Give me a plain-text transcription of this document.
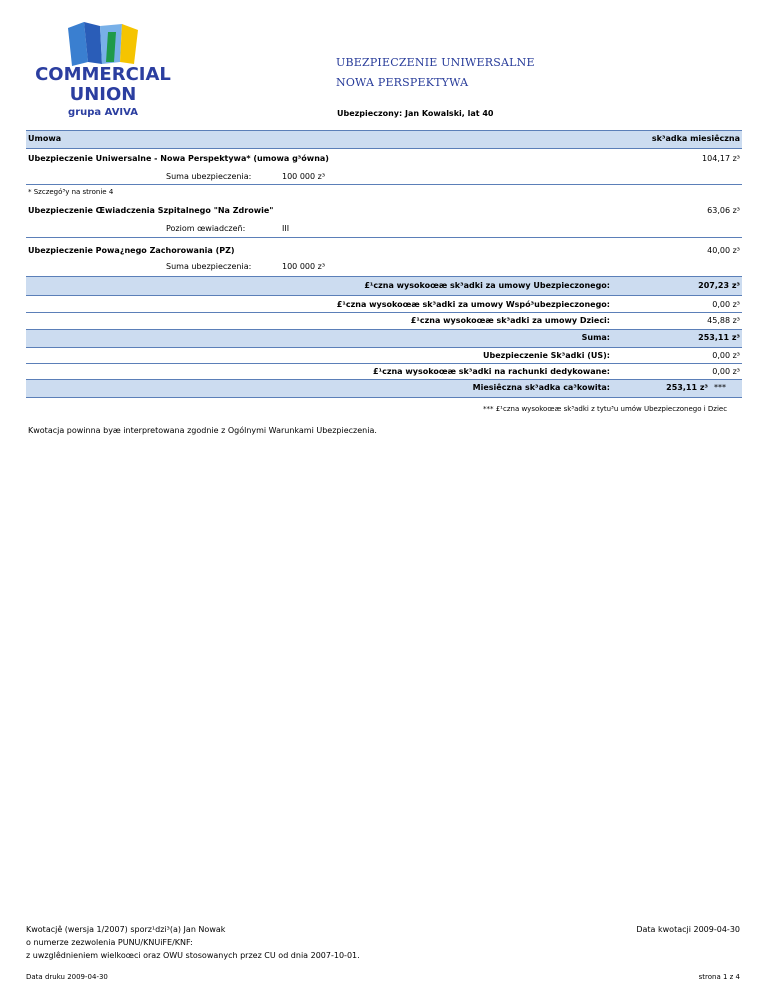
COMMERCIAL
UNION
grupa AVIVA
UBEZPIECZENIE UNIWERSALNE
NOWA PERSPEKTYWA
Ubezpieczony: Jan Kowalski, lat 40
Umowa	sk³adka miesiêczna
Ubezpieczenie Uniwersalne - Nowa Perspektywa* (umowa g³ówna)	104,17 z³
Suma ubezpieczenia:	100 000 z³
* Szczegó³y na stronie 4
Ubezpieczenie Œwiadczenia Szpitalnego "Na Zdrowie"	63,06 z³
Poziom œwiadczeñ:	III
Ubezpieczenie Powa¿nego Zachorowania (PZ)	40,00 z³
Suma ubezpieczenia:	100 000 z³
£¹czna wysokoœæ sk³adki za umowy Ubezpieczonego:	207,23 z³
£¹czna wysokoœæ sk³adki za umowy Wspó³ubezpieczonego:	0,00 z³
£¹czna wysokoœæ sk³adki za umowy Dzieci:	45,88 z³
Suma:	253,11 z³
Ubezpieczenie Sk³adki (US):	0,00 z³
£¹czna wysokoœæ sk³adki na rachunki dedykowane:	0,00 z³
Miesiêczna sk³adka ca³kowita:	253,11 z³ ***
*** £¹czna wysokoœæ sk³adki z tytu³u umów Ubezpieczonego i Dziec
Kwotacja powinna byæ interpretowana zgodnie z Ogólnymi Warunkami Ubezpieczenia.
Kwotacjê (wersja 1/2007) sporz¹dzi³(a) Jan Nowak
o numerze zezwolenia PUNU/KNUiFE/KNF:
z uwzglêdnieniem wielkoœci oraz OWU stosowanych przez CU od dnia 2007-10-01.
Data kwotacji 2009-04-30
Data druku 2009-04-30	strona 1 z 4
